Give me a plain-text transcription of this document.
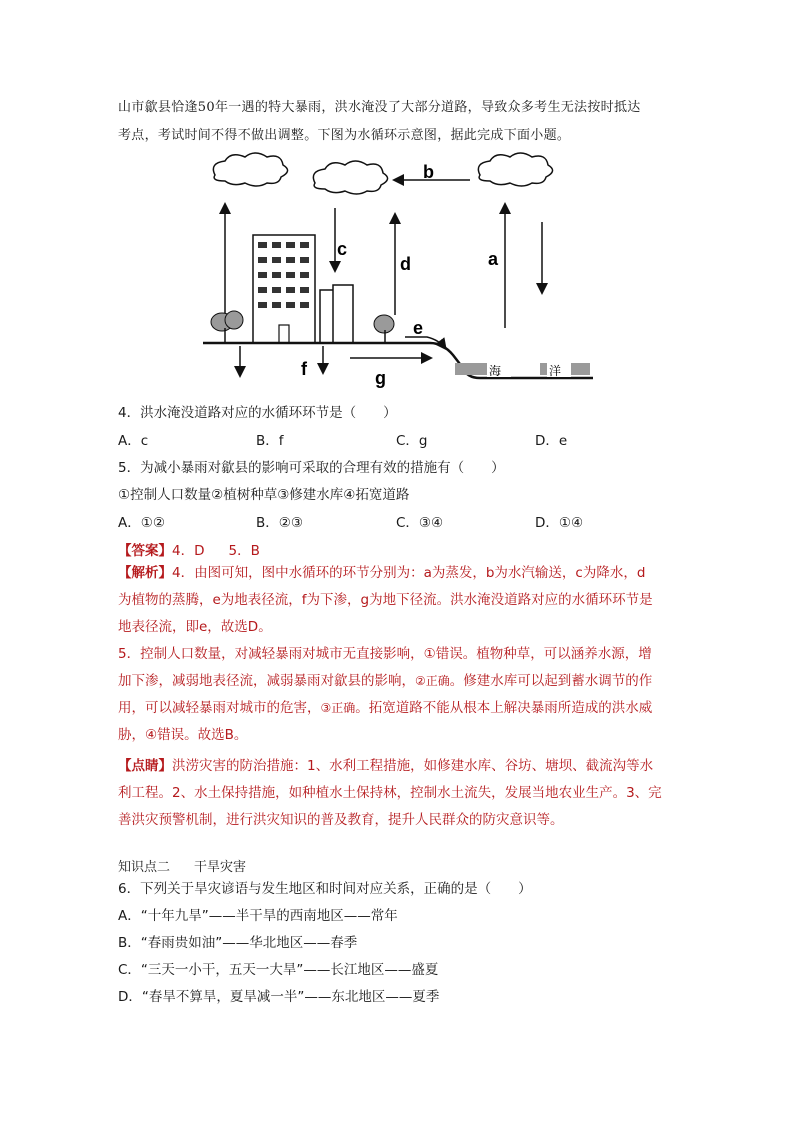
山市歙县恰逢50年一遇的特大暴雨，洪水淹没了大部分道路，导致众多考生无法按时抵达
考点，考试时间不得不做出调整。下图为水循环示意图，据此完成下面小题。
b
c
d	a
e
f	g	海	洋
4．洪水淹没道路对应的水循环环节是（　　）
A．c	B．f	C．g	D．e
5．为减小暴雨对歙县的影响可采取的合理有效的措施有（　　）
①控制人口数量②植树种草③修建水库④拓宽道路
A．①②	B．②③	C．③④	D．①④
【答案】4．D 5．B
【解析】4．由图可知，图中水循环的环节分别为：a为蒸发，b为水汽输送，c为降水，d
为植物的蒸腾，e为地表径流，f为下渗，g为地下径流。洪水淹没道路对应的水循环环节是
地表径流，即e，故选D。
5．控制人口数量，对减轻暴雨对城市无直接影响，①错误。植物种草，可以涵养水源，增
加下渗，减弱地表径流，减弱暴雨对歙县的影响，②正确。修建水库可以起到蓄水调节的作
用，可以减轻暴雨对城市的危害，③正确。拓宽道路不能从根本上解决暴雨所造成的洪水威
胁，④错误。故选B。
【点睛】洪涝灾害的防治措施：1、水利工程措施，如修建水库、谷坊、塘坝、截流沟等水
利工程。2、水土保持措施，如种植水土保持林，控制水土流失，发展当地农业生产。3、完
善洪灾预警机制，进行洪灾知识的普及教育，提升人民群众的防灾意识等。
知识点二 干旱灾害
6．下列关于旱灾谚语与发生地区和时间对应关系，正确的是（　　）
A．“十年九旱”——半干旱的西南地区——常年
B．“春雨贵如油”——华北地区——春季
C．“三天一小干，五天一大旱”——长江地区——盛夏
D．“春旱不算旱，夏旱减一半”——东北地区——夏季
